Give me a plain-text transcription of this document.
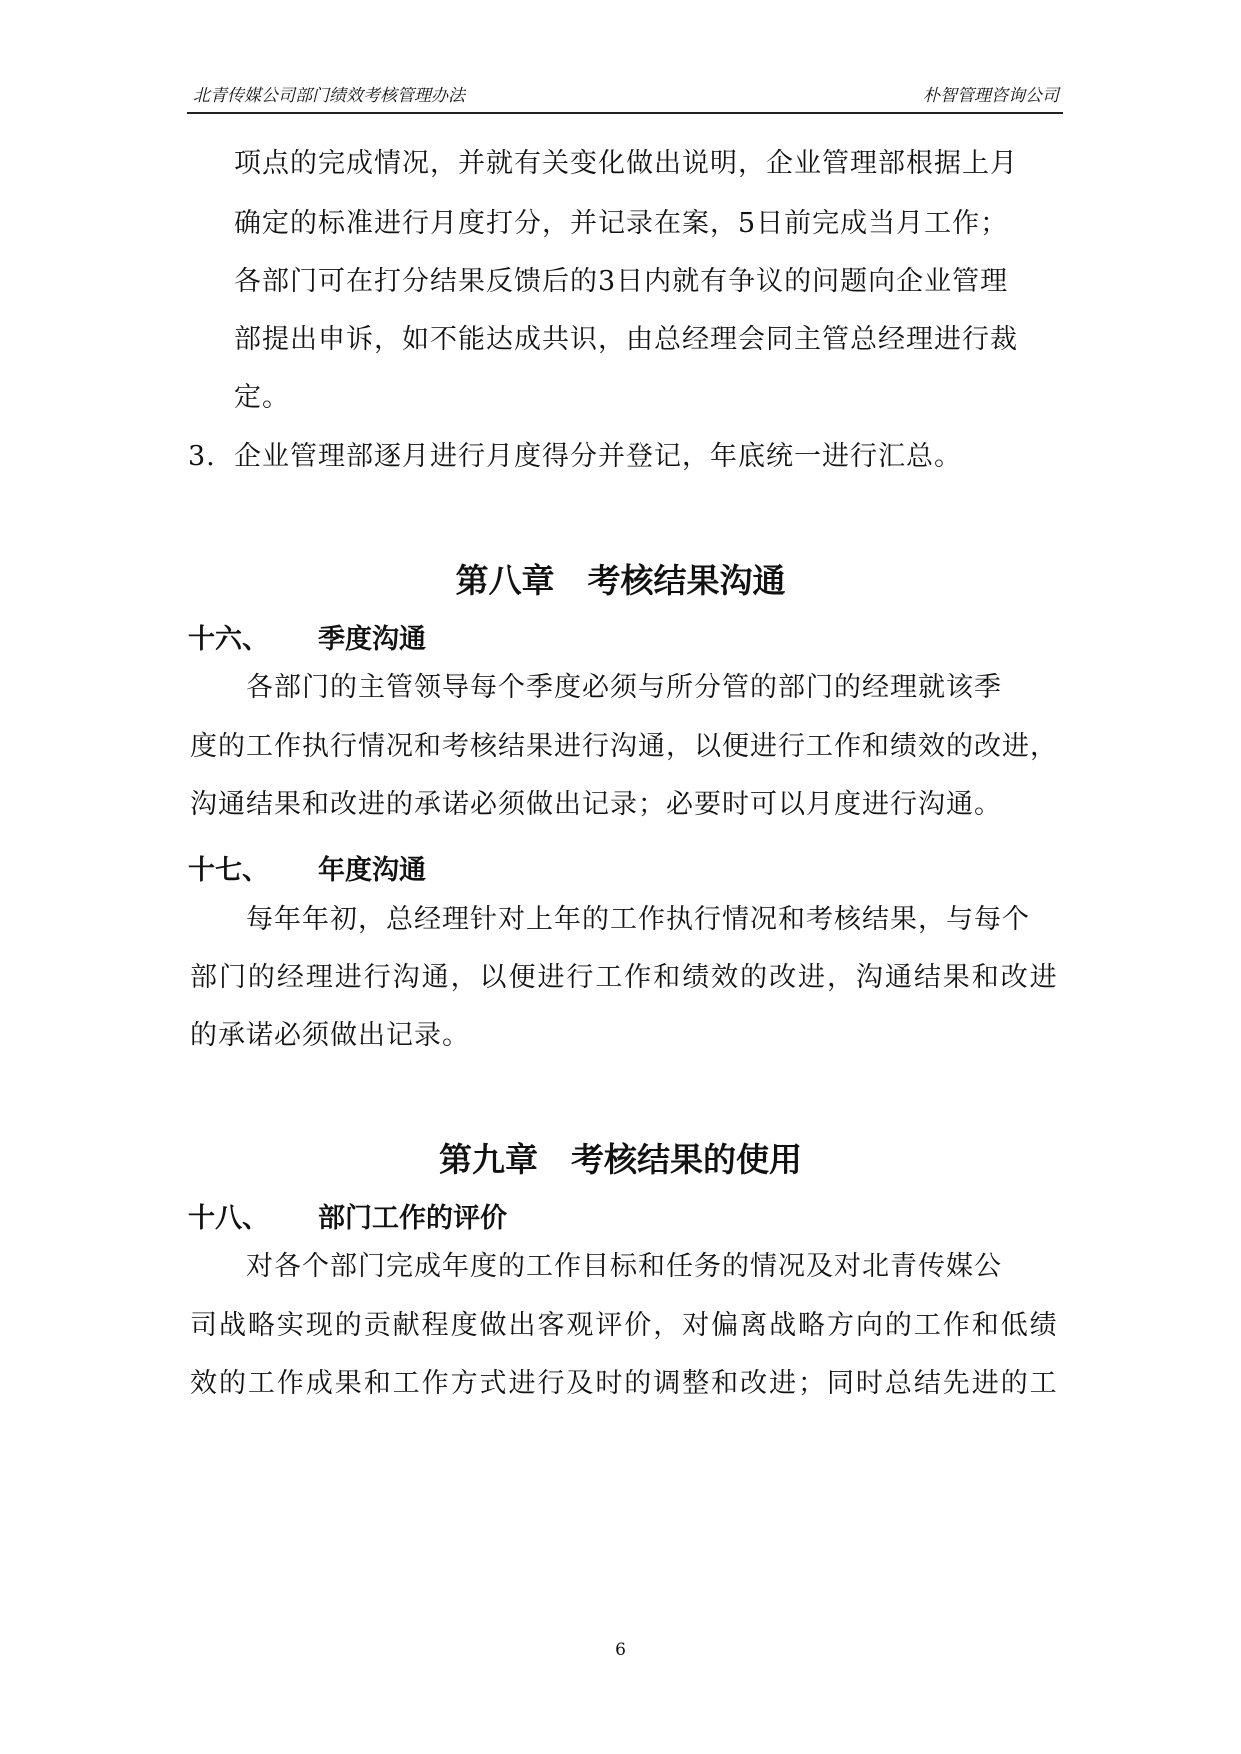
北青传媒公司部门绩效考核管理办法	朴智管理咨询公司
项点的完成情况，并就有关变化做出说明，企业管理部根据上月
确定的标准进行月度打分，并记录在案，5日前完成当月工作；
各部门可在打分结果反馈后的3日内就有争议的问题向企业管理
部提出申诉，如不能达成共识，由总经理会同主管总经理进行裁
定。
3. 企业管理部逐月进行月度得分并登记，年底统一进行汇总。
第八章　考核结果沟通
十六、 季度沟通
各部门的主管领导每个季度必须与所分管的部门的经理就该季
度 的 工 作 执 行 情 况 和 考 核 结 果 进 行 沟 通 ， 以 便 进 行 工 作 和 绩 效 的 改 进 ，
沟通结果和改进的承诺必须做出记录；必要时可以月度进行沟通。
十七、 年度沟通
每年年初，总经理针对上年的工作执行情况和考核结果，与每个
部 门 的 经 理 进 行 沟 通 ， 以 便 进 行 工 作 和 绩 效 的 改 进 ， 沟 通 结 果 和 改 进
的承诺必须做出记录。
第九章　考核结果的使用
十八、 部门工作的评价
对各个部门完成年度的工作目标和任务的情况及对北青传媒公
司 战 略 实 现 的 贡 献 程 度 做 出 客 观 评 价 ， 对 偏 离 战 略 方 向 的 工 作 和 低 绩
效 的 工 作 成 果 和 工 作 方 式 进 行 及 时 的 调 整 和 改 进 ； 同 时 总 结 先 进 的 工
6
